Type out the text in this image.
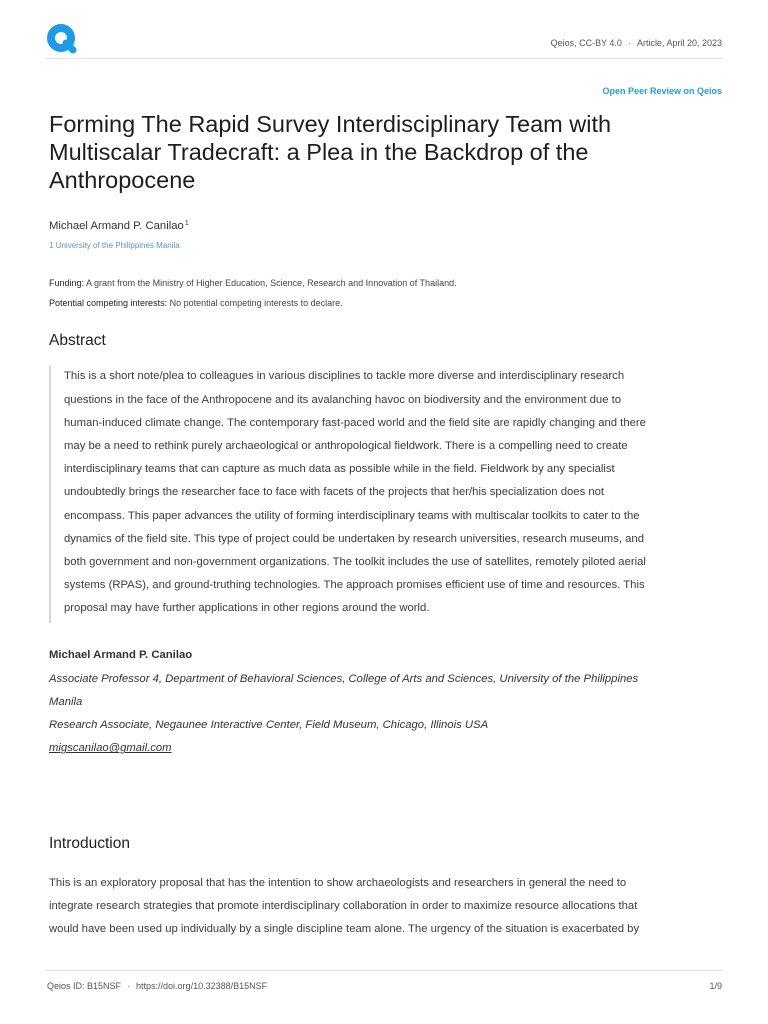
Qeios, CC-BY 4.0 · Article, April 20, 2023
Open Peer Review on Qeios
Forming The Rapid Survey Interdisciplinary Team with
Multiscalar Tradecraft: a Plea in the Backdrop of the
Anthropocene
Michael Armand P. Canilao$^1$
1 University of the Philippines Manila
Funding: A grant from the Ministry of Higher Education, Science, Research and Innovation of Thailand.
Potential competing interests: No potential competing interests to declare.
Abstract
This is a short note/plea to colleagues in various disciplines to tackle more diverse and interdisciplinary research
questions in the face of the Anthropocene and its avalanching havoc on biodiversity and the environment due to
human-induced climate change. The contemporary fast-paced world and the field site are rapidly changing and there
may be a need to rethink purely archaeological or anthropological fieldwork. There is a compelling need to create
interdisciplinary teams that can capture as much data as possible while in the field. Fieldwork by any specialist
undoubtedly brings the researcher face to face with facets of the projects that her/his specialization does not
encompass. This paper advances the utility of forming interdisciplinary teams with multiscalar toolkits to cater to the
dynamics of the field site. This type of project could be undertaken by research universities, research museums, and
both government and non-government organizations. The toolkit includes the use of satellites, remotely piloted aerial
systems (RPAS), and ground-truthing technologies. The approach promises efficient use of time and resources. This
proposal may have further applications in other regions around the world.
Michael Armand P. Canilao
Associate Professor 4, Department of Behavioral Sciences, College of Arts and Sciences, University of the Philippines
Manila
Research Associate, Negaunee Interactive Center, Field Museum, Chicago, Illinois USA
migscanilao@gmail.com
Introduction
This is an exploratory proposal that has the intention to show archaeologists and researchers in general the need to
integrate research strategies that promote interdisciplinary collaboration in order to maximize resource allocations that
would have been used up individually by a single discipline team alone. The urgency of the situation is exacerbated by
Qeios ID: B15NSF · https://doi.org/10.32388/B15NSF	1/9
